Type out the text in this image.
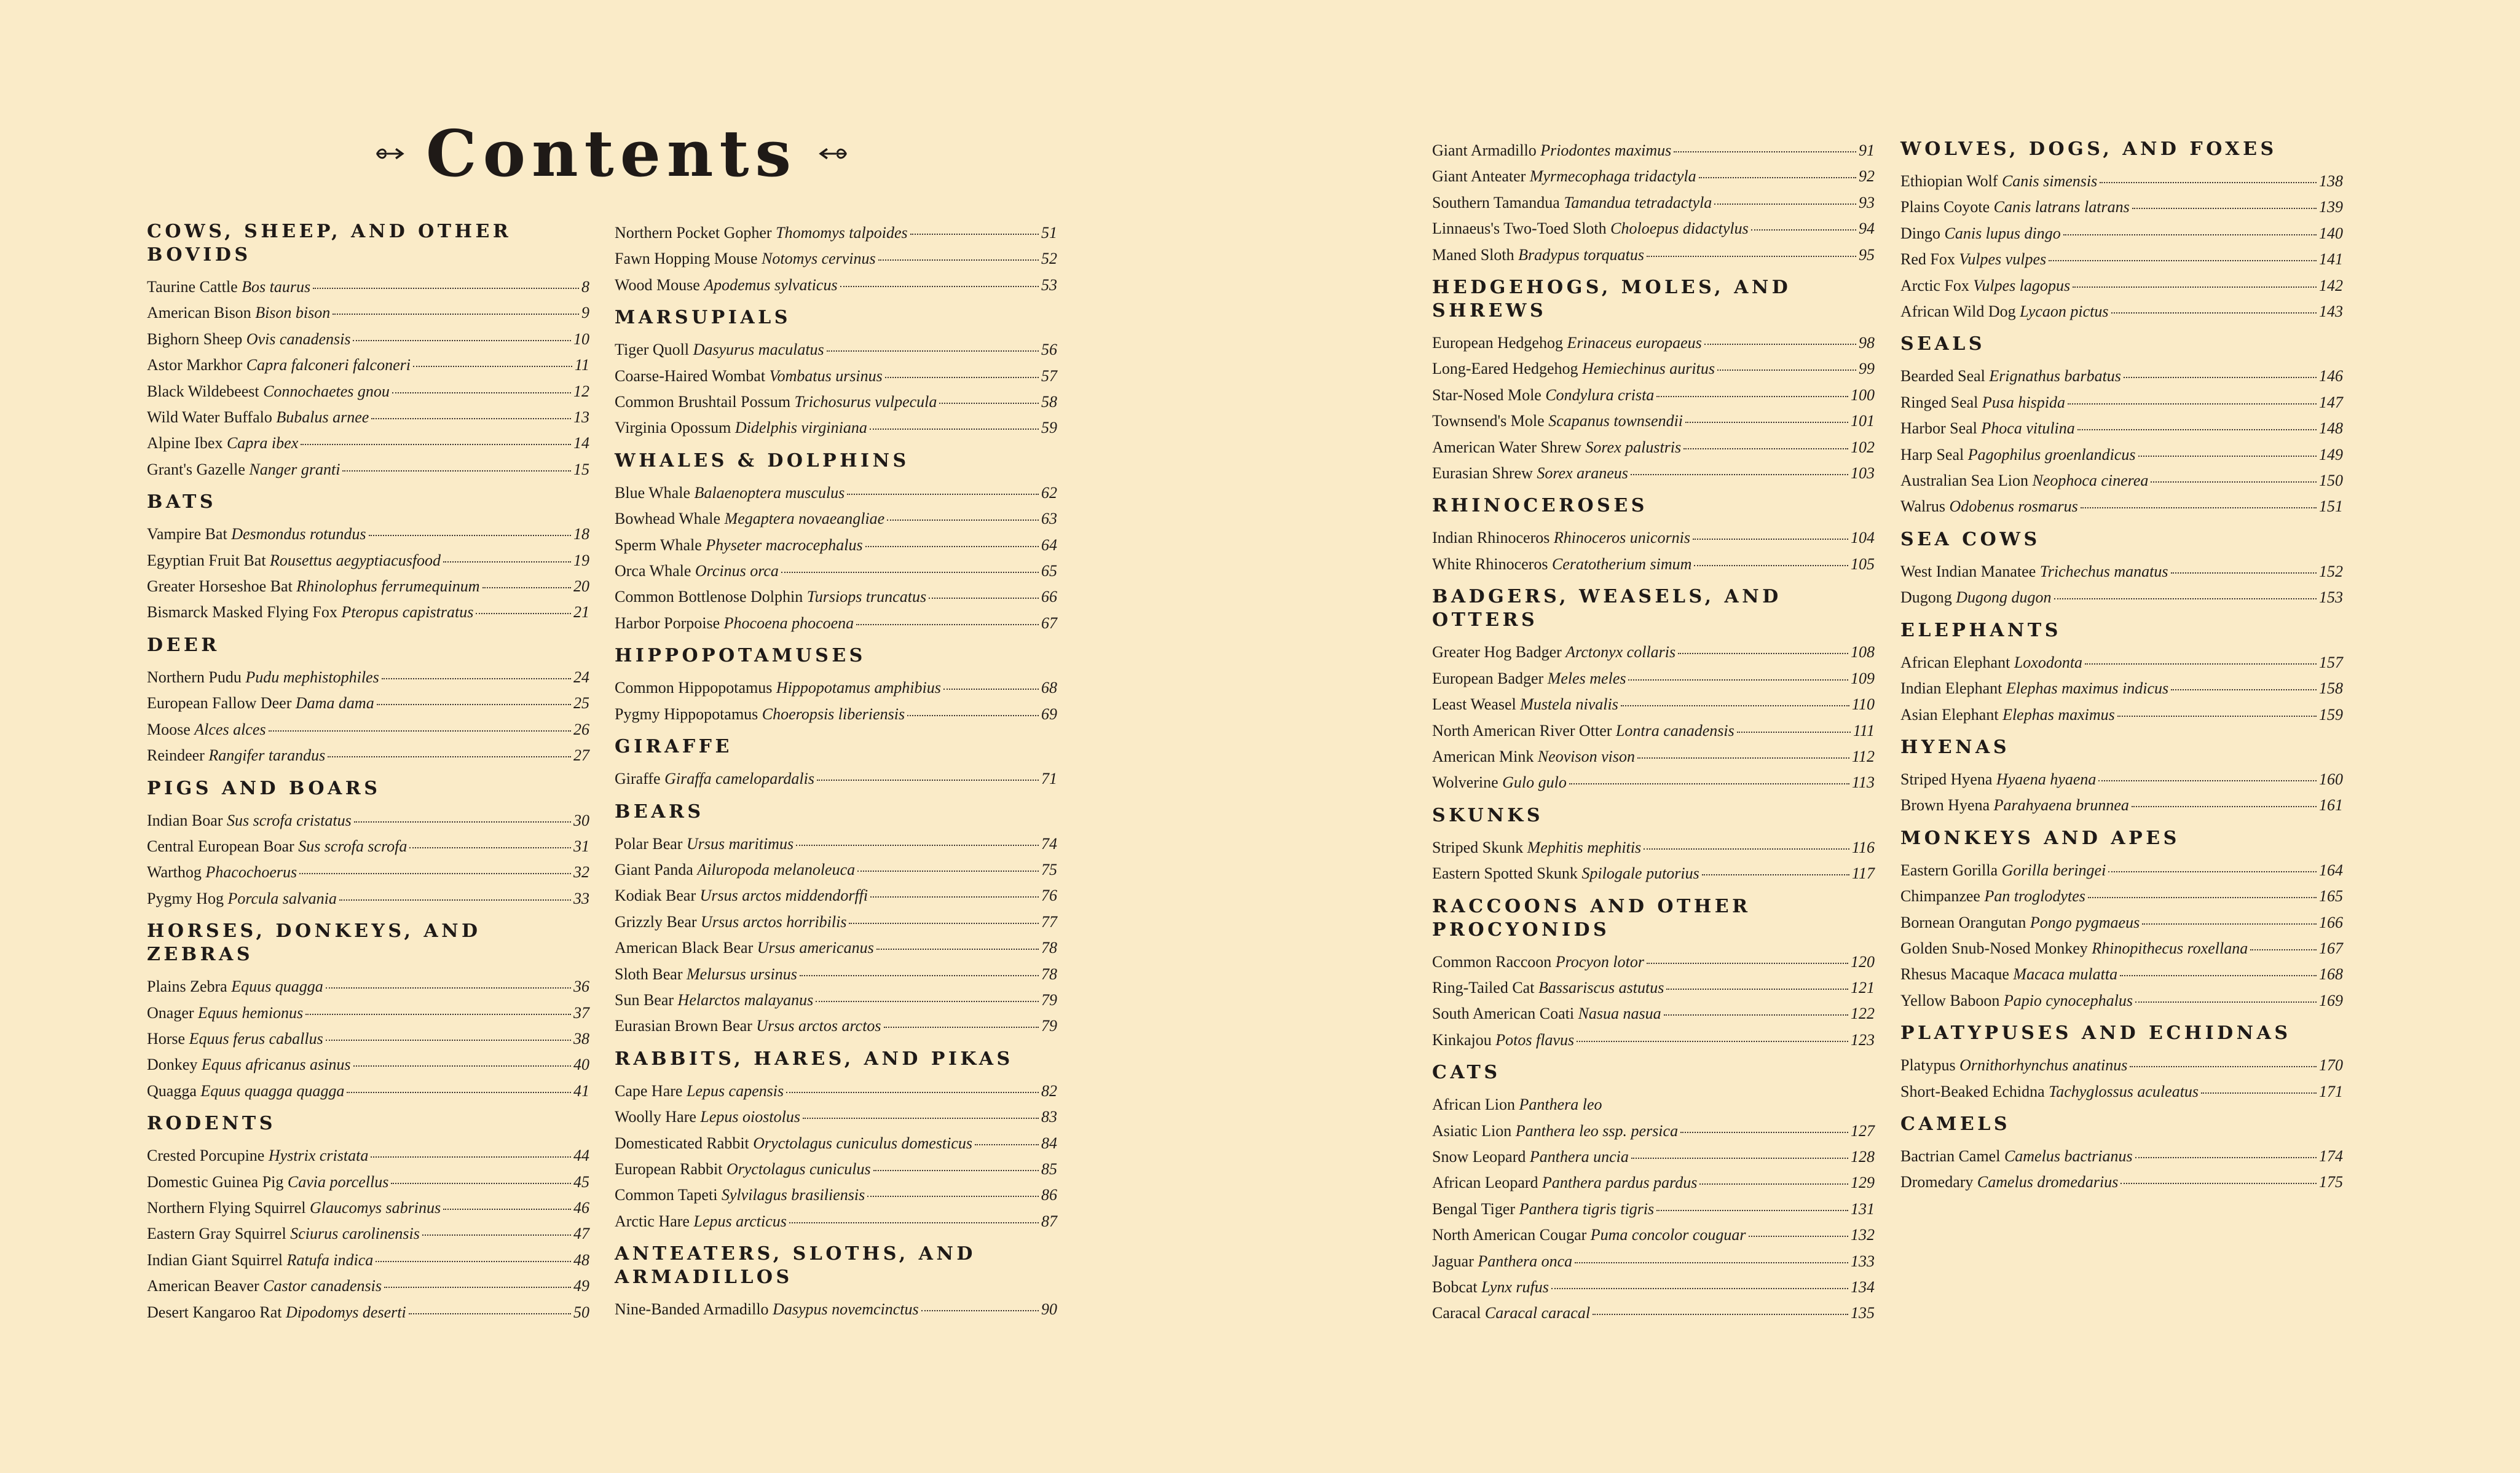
Contents
COWS, SHEEP, AND OTHER BOVIDS
Taurine Cattle Bos taurus	8
American Bison Bison bison	9
Bighorn Sheep Ovis canadensis	10
Astor Markhor Capra falconeri falconeri	11
Black Wildebeest Connochaetes gnou	12
Wild Water Buffalo Bubalus arnee	13
Alpine Ibex Capra ibex	14
Grant's Gazelle Nanger granti	15
BATS
Vampire Bat Desmondus rotundus	18
Egyptian Fruit Bat Rousettus aegyptiacusfood	19
Greater Horseshoe Bat Rhinolophus ferrumequinum	20
Bismarck Masked Flying Fox Pteropus capistratus	21
DEER
Northern Pudu Pudu mephistophiles	24
European Fallow Deer Dama dama	25
Moose Alces alces	26
Reindeer Rangifer tarandus	27
PIGS AND BOARS
Indian Boar Sus scrofa cristatus	30
Central European Boar Sus scrofa scrofa	31
Warthog Phacochoerus	32
Pygmy Hog Porcula salvania	33
HORSES, DONKEYS, AND ZEBRAS
Plains Zebra Equus quagga	36
Onager Equus hemionus	37
Horse Equus ferus caballus	38
Donkey Equus africanus asinus	40
Quagga Equus quagga quagga	41
RODENTS
Crested Porcupine Hystrix cristata	44
Domestic Guinea Pig Cavia porcellus	45
Northern Flying Squirrel Glaucomys sabrinus	46
Eastern Gray Squirrel Sciurus carolinensis	47
Indian Giant Squirrel Ratufa indica	48
American Beaver Castor canadensis	49
Desert Kangaroo Rat Dipodomys deserti	50
Northern Pocket Gopher Thomomys talpoides	51
Fawn Hopping Mouse Notomys cervinus	52
Wood Mouse Apodemus sylvaticus	53
MARSUPIALS
Tiger Quoll Dasyurus maculatus	56
Coarse-Haired Wombat Vombatus ursinus	57
Common Brushtail Possum Trichosurus vulpecula	58
Virginia Opossum Didelphis virginiana	59
WHALES & DOLPHINS
Blue Whale Balaenoptera musculus	62
Bowhead Whale Megaptera novaeangliae	63
Sperm Whale Physeter macrocephalus	64
Orca Whale Orcinus orca	65
Common Bottlenose Dolphin Tursiops truncatus	66
Harbor Porpoise Phocoena phocoena	67
HIPPOPOTAMUSES
Common Hippopotamus Hippopotamus amphibius	68
Pygmy Hippopotamus Choeropsis liberiensis	69
GIRAFFE
Giraffe Giraffa camelopardalis	71
BEARS
Polar Bear Ursus maritimus	74
Giant Panda Ailuropoda melanoleuca	75
Kodiak Bear Ursus arctos middendorffi	76
Grizzly Bear Ursus arctos horribilis	77
American Black Bear Ursus americanus	78
Sloth Bear Melursus ursinus	78
Sun Bear Helarctos malayanus	79
Eurasian Brown Bear Ursus arctos arctos	79
RABBITS, HARES, AND PIKAS
Cape Hare Lepus capensis	82
Woolly Hare Lepus oiostolus	83
Domesticated Rabbit Oryctolagus cuniculus domesticus	84
European Rabbit Oryctolagus cuniculus	85
Common Tapeti Sylvilagus brasiliensis	86
Arctic Hare Lepus arcticus	87
ANTEATERS, SLOTHS, AND ARMADILLOS
Nine-Banded Armadillo Dasypus novemcinctus	90
Giant Armadillo Priodontes maximus	91
Giant Anteater Myrmecophaga tridactyla	92
Southern Tamandua Tamandua tetradactyla	93
Linnaeus's Two-Toed Sloth Choloepus didactylus	94
Maned Sloth Bradypus torquatus	95
HEDGEHOGS, MOLES, AND SHREWS
European Hedgehog Erinaceus europaeus	98
Long-Eared Hedgehog Hemiechinus auritus	99
Star-Nosed Mole Condylura crista	100
Townsend's Mole Scapanus townsendii	101
American Water Shrew Sorex palustris	102
Eurasian Shrew Sorex araneus	103
RHINOCEROSES
Indian Rhinoceros Rhinoceros unicornis	104
White Rhinoceros Ceratotherium simum	105
BADGERS, WEASELS, AND OTTERS
Greater Hog Badger Arctonyx collaris	108
European Badger Meles meles	109
Least Weasel Mustela nivalis	110
North American River Otter Lontra canadensis	111
American Mink Neovison vison	112
Wolverine Gulo gulo	113
SKUNKS
Striped Skunk Mephitis mephitis	116
Eastern Spotted Skunk Spilogale putorius	117
RACCOONS AND OTHER PROCYONIDS
Common Raccoon Procyon lotor	120
Ring-Tailed Cat Bassariscus astutus	121
South American Coati Nasua nasua	122
Kinkajou Potos flavus	123
CATS
African Lion Panthera leo
Asiatic Lion Panthera leo ssp. persica	127
Snow Leopard Panthera uncia	128
African Leopard Panthera pardus pardus	129
Bengal Tiger Panthera tigris tigris	131
North American Cougar Puma concolor couguar	132
Jaguar Panthera onca	133
Bobcat Lynx rufus	134
Caracal Caracal caracal	135
WOLVES, DOGS, AND FOXES
Ethiopian Wolf Canis simensis	138
Plains Coyote Canis latrans latrans	139
Dingo Canis lupus dingo	140
Red Fox Vulpes vulpes	141
Arctic Fox Vulpes lagopus	142
African Wild Dog Lycaon pictus	143
SEALS
Bearded Seal Erignathus barbatus	146
Ringed Seal Pusa hispida	147
Harbor Seal Phoca vitulina	148
Harp Seal Pagophilus groenlandicus	149
Australian Sea Lion Neophoca cinerea	150
Walrus Odobenus rosmarus	151
SEA COWS
West Indian Manatee Trichechus manatus	152
Dugong Dugong dugon	153
ELEPHANTS
African Elephant Loxodonta	157
Indian Elephant Elephas maximus indicus	158
Asian Elephant Elephas maximus	159
HYENAS
Striped Hyena Hyaena hyaena	160
Brown Hyena Parahyaena brunnea	161
MONKEYS AND APES
Eastern Gorilla Gorilla beringei	164
Chimpanzee Pan troglodytes	165
Bornean Orangutan Pongo pygmaeus	166
Golden Snub-Nosed Monkey Rhinopithecus roxellana	167
Rhesus Macaque Macaca mulatta	168
Yellow Baboon Papio cynocephalus	169
PLATYPUSES AND ECHIDNAS
Platypus Ornithorhynchus anatinus	170
Short-Beaked Echidna Tachyglossus aculeatus	171
CAMELS
Bactrian Camel Camelus bactrianus	174
Dromedary Camelus dromedarius	175
